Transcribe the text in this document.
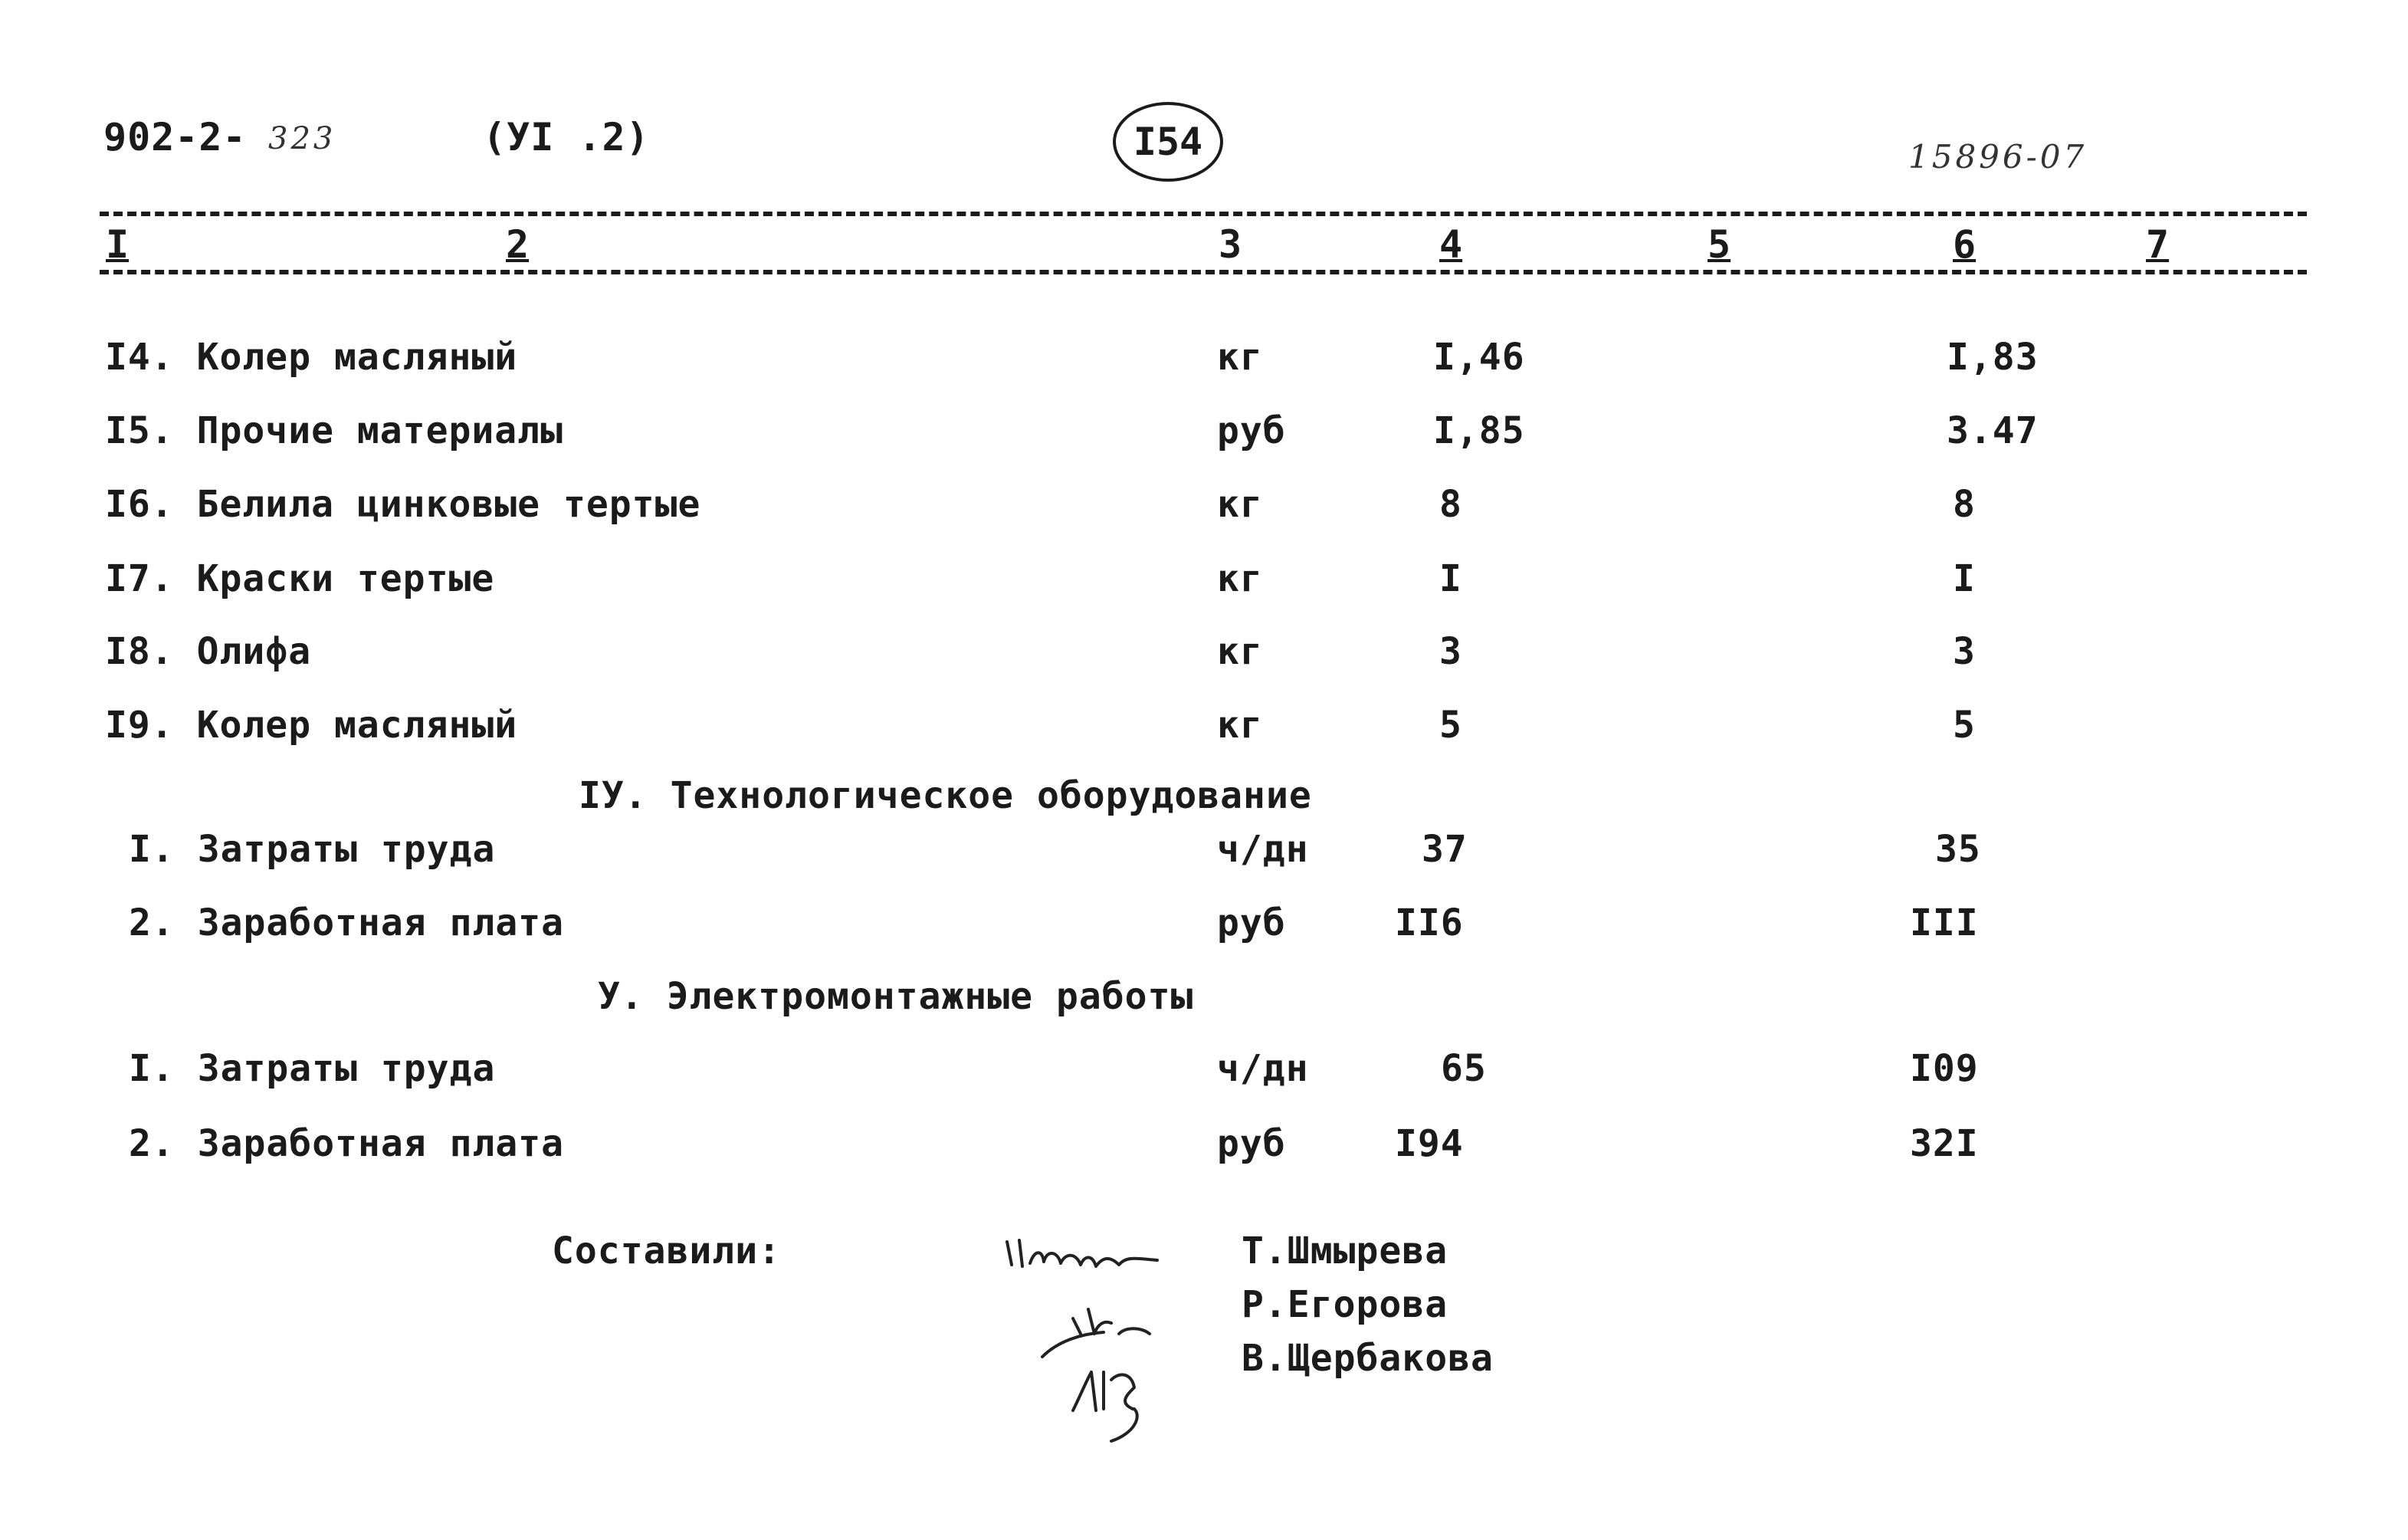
902-2- 323	(УI .2)	I54	15896-07
I	2	3	4	5	6	7
I4. Колер масляный	кг	I,46	I,83
I5. Прочие материалы	руб	I,85	3.47
I6. Белила цинковые тертые	кг	8	8
I7. Краски тертые	кг	I	I
I8. Олифа	кг	3	3
I9. Колер масляный	кг	5	5
IУ. Технологическое оборудование
I. Затраты труда	ч/дн	37	35
2. Заработная плата	руб	II6	III
У. Электромонтажные работы
I. Затраты труда	ч/дн	65	I09
2. Заработная плата	руб	I94	32I
Составили:	Т.Шмырева
Р.Егорова
В.Щербакова
